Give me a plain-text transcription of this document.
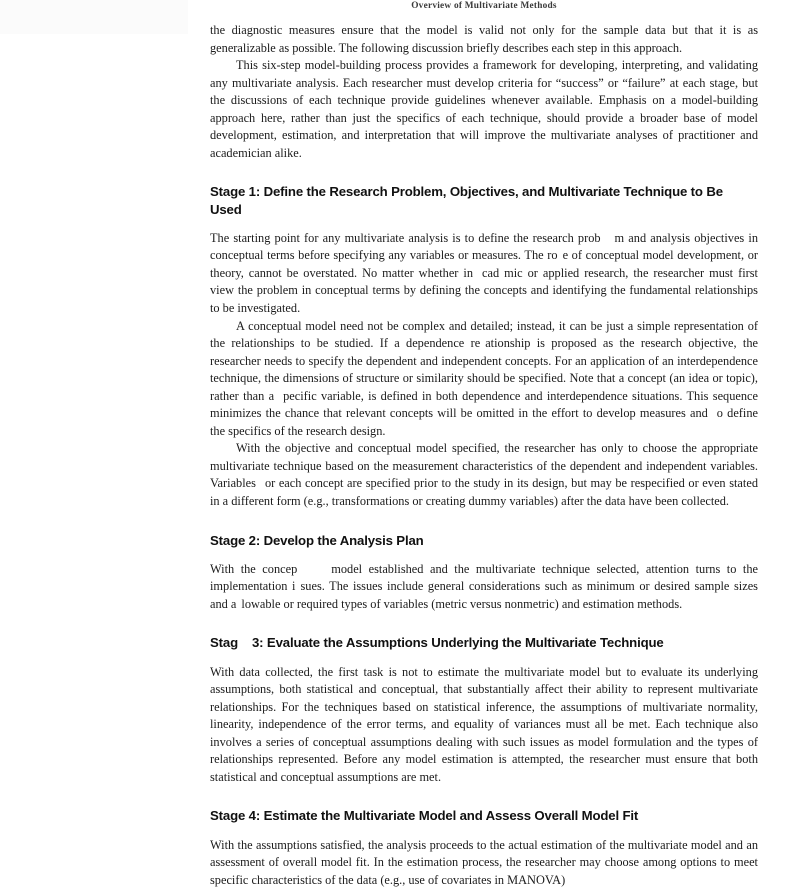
Overview of Multivariate Methods

the diagnostic measures ensure that the model is valid not only for the sample data but that it is as generalizable as possible. The following discussion briefly describes each step in this approach.

This six-step model-building process provides a framework for developing, interpreting, and validating any multivariate analysis. Each researcher must develop criteria for “success” or “failure” at each stage, but the discussions of each technique provide guidelines whenever available. Emphasis on a model-building approach here, rather than just the specifics of each technique, should provide a broader base of model development, estimation, and interpretation that will improve the multivariate analyses of practitioner and academician alike.

Stage 1: Define the Research Problem, Objectives, and Multivariate Technique to Be Used

The starting point for any multivariate analysis is to define the research prob m and analysis objectives in conceptual terms before specifying any variables or measures. The ro e of conceptual model development, or theory, cannot be overstated. No matter whether in cad mic or applied research, the researcher must first view the problem in conceptual terms by defining the concepts and identifying the fundamental relationships to be investigated.

A conceptual model need not be complex and detailed; instead, it can be just a simple representation of the relationships to be studied. If a dependence re ationship is proposed as the research objective, the researcher needs to specify the dependent and independent concepts. For an application of an interdependence technique, the dimensions of structure or similarity should be specified. Note that a concept (an idea or topic), rather than a pecific variable, is defined in both dependence and interdependence situations. This sequence minimizes the chance that relevant concepts will be omitted in the effort to develop measures and o define the specifics of the research design.

With the objective and conceptual model specified, the researcher has only to choose the appropriate multivariate technique based on the measurement characteristics of the dependent and independent variables. Variables or each concept are specified prior to the study in its design, but may be respecified or even stated in a different form (e.g., transformations or creating dummy variables) after the data have been collected.

Stage 2: Develop the Analysis Plan

With the concep	model established and the multivariate technique selected, attention turns to the implementation i sues. The issues include general considerations such as minimum or desired sample sizes and a lowable or required types of variables (metric versus nonmetric) and estimation methods.

Stag 3: Evaluate the Assumptions Underlying the Multivariate Technique

With data collected, the first task is not to estimate the multivariate model but to evaluate its underlying assumptions, both statistical and conceptual, that substantially affect their ability to represent multivariate relationships. For the techniques based on statistical inference, the assumptions of multivariate normality, linearity, independence of the error terms, and equality of variances must all be met. Each technique also involves a series of conceptual assumptions dealing with such issues as model formulation and the types of relationships represented. Before any model estimation is attempted, the researcher must ensure that both statistical and conceptual assumptions are met.

Stage 4: Estimate the Multivariate Model and Assess Overall Model Fit

With the assumptions satisfied, the analysis proceeds to the actual estimation of the multivariate model and an assessment of overall model fit. In the estimation process, the researcher may choose among options to meet specific characteristics of the data (e.g., use of covariates in MANOVA)
